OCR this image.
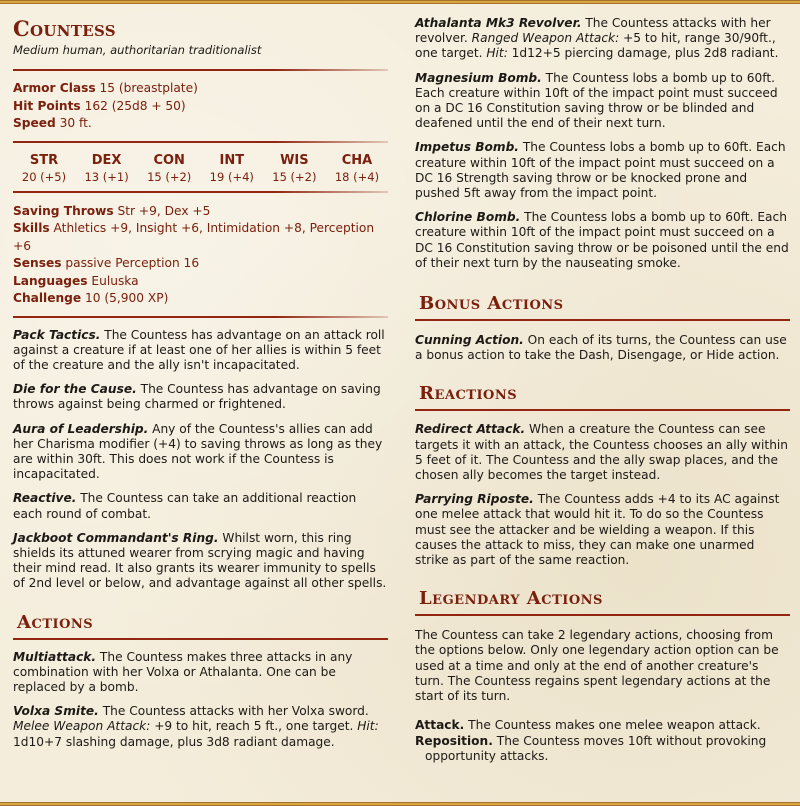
Countess

Medium human, authoritarian traditionalist

Armor Class 15 (breastplate)

Hit Points 162 (25d8 + 50)

Speed 30 ft.

STR
20 (+5)
DEX
13 (+1)
CON
15 (+2)
INT
19 (+4)
WIS
15 (+2)
CHA
18 (+4)

Saving Throws Str +9, Dex +5

Skills Athletics +9, Insight +6, Intimidation +8, Perception +6

Senses passive Perception 16

Languages Euluska

Challenge 10 (5,900 XP)

Pack Tactics. The Countess has advantage on an attack roll against a creature if at least one of her allies is within 5 feet of the creature and the ally isn't incapacitated.

Die for the Cause. The Countess has advantage on saving throws against being charmed or frightened.

Aura of Leadership. Any of the Countess's allies can add her Charisma modifier (+4) to saving throws as long as they are within 30ft. This does not work if the Countess is incapacitated.

Reactive. The Countess can take an additional reaction each round of combat.

Jackboot Commandant's Ring. Whilst worn, this ring shields its attuned wearer from scrying magic and having their mind read. It also grants its wearer immunity to spells of 2nd level or below, and advantage against all other spells.

Actions

Multiattack. The Countess makes three attacks in any combination with her Volxa or Athalanta. One can be replaced by a bomb.

Volxa Smite. The Countess attacks with her Volxa sword. Melee Weapon Attack: +9 to hit, reach 5 ft., one target. Hit: 1d10+7 slashing damage, plus 3d8 radiant damage.

Athalanta Mk3 Revolver. The Countess attacks with her revolver. Ranged Weapon Attack: +5 to hit, range 30/90ft., one target. Hit: 1d12+5 piercing damage, plus 2d8 radiant.

Magnesium Bomb. The Countess lobs a bomb up to 60ft. Each creature within 10ft of the impact point must succeed on a DC 16 Constitution saving throw or be blinded and deafened until the end of their next turn.

Impetus Bomb. The Countess lobs a bomb up to 60ft. Each creature within 10ft of the impact point must succeed on a DC 16 Strength saving throw or be knocked prone and pushed 5ft away from the impact point.

Chlorine Bomb. The Countess lobs a bomb up to 60ft. Each creature within 10ft of the impact point must succeed on a DC 16 Constitution saving throw or be poisoned until the end of their next turn by the nauseating smoke.

Bonus Actions

Cunning Action. On each of its turns, the Countess can use a bonus action to take the Dash, Disengage, or Hide action.

Reactions

Redirect Attack. When a creature the Countess can see targets it with an attack, the Countess chooses an ally within 5 feet of it. The Countess and the ally swap places, and the chosen ally becomes the target instead.

Parrying Riposte. The Countess adds +4 to its AC against one melee attack that would hit it. To do so the Countess must see the attacker and be wielding a weapon. If this causes the attack to miss, they can make one unarmed strike as part of the same reaction.

Legendary Actions

The Countess can take 2 legendary actions, choosing from the options below. Only one legendary action option can be used at a time and only at the end of another creature's turn. The Countess regains spent legendary actions at the start of its turn.

Attack. The Countess makes one melee weapon attack.

Reposition. The Countess moves 10ft without provoking opportunity attacks.
